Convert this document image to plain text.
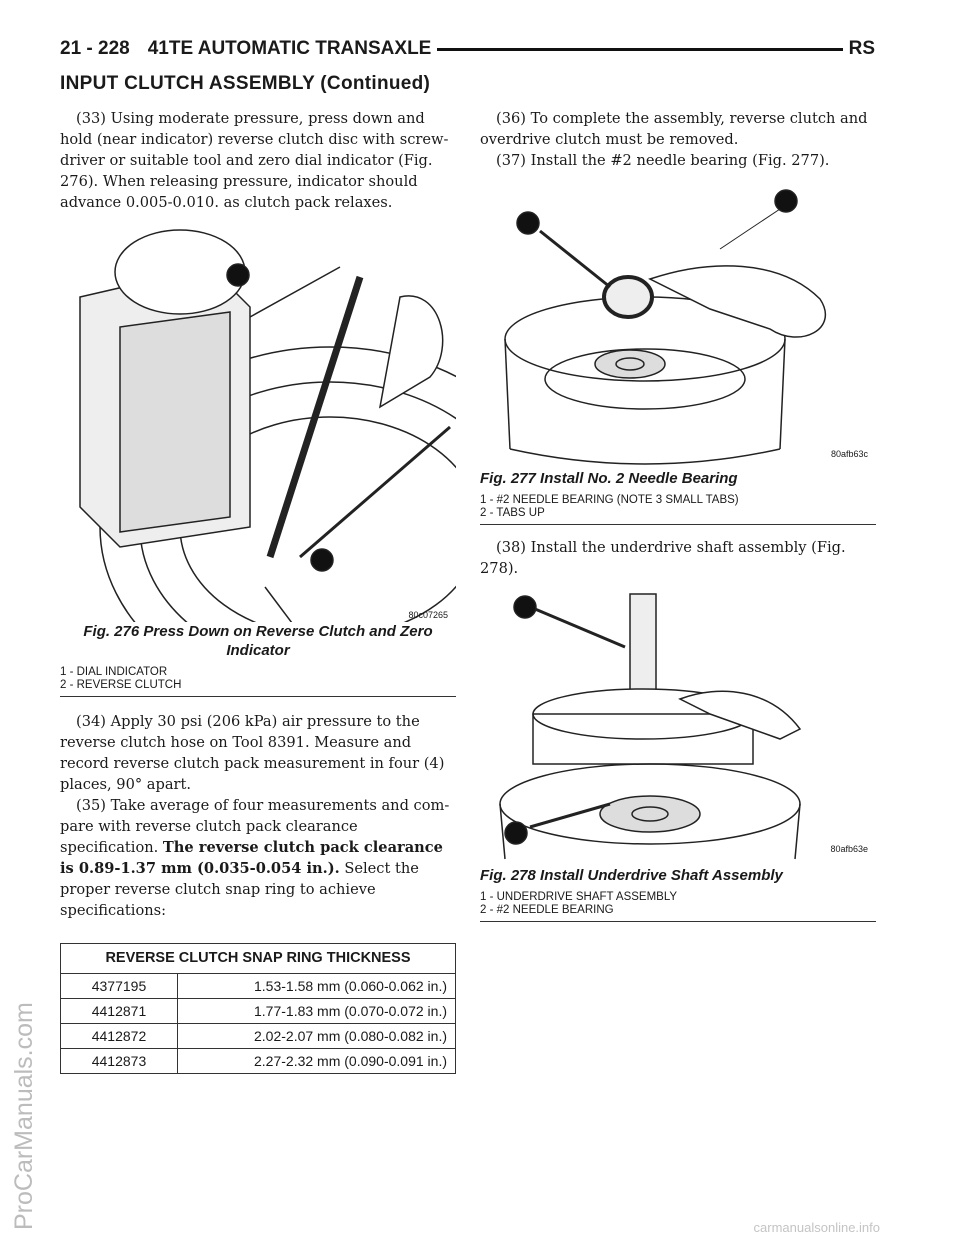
21 - 228 41TE AUTOMATIC TRANSAXLE	RS
INPUT CLUTCH ASSEMBLY (Continued)

(33) Using moderate pressure, press down and hold (near indicator) reverse clutch disc with screw-driver or suitable tool and zero dial indicator (Fig. 276). When releasing pressure, indicator should advance 0.005-0.010. as clutch pack relaxes.

80c07265
Fig. 276 Press Down on Reverse Clutch and Zero Indicator
1 - DIAL INDICATOR
2 - REVERSE CLUTCH

(34) Apply 30 psi (206 kPa) air pressure to the reverse clutch hose on Tool 8391. Measure and record reverse clutch pack measurement in four (4) places, 90° apart.

(35) Take average of four measurements and com-pare with reverse clutch pack clearance specification. The reverse clutch pack clearance is 0.89-1.37 mm (0.035-0.054 in.). Select the proper reverse clutch snap ring to achieve specifications:

REVERSE CLUTCH SNAP RING THICKNESS	
4377195	1.53-1.58 mm (0.060-0.062 in.)
4412871	1.77-1.83 mm (0.070-0.072 in.)
4412872	2.02-2.07 mm (0.080-0.082 in.)
4412873	2.27-2.32 mm (0.090-0.091 in.)

(36) To complete the assembly, reverse clutch and overdrive clutch must be removed.

(37) Install the #2 needle bearing (Fig. 277).

80afb63c
Fig. 277 Install No. 2 Needle Bearing
1 - #2 NEEDLE BEARING (NOTE 3 SMALL TABS)
2 - TABS UP

(38) Install the underdrive shaft assembly (Fig. 278).

80afb63e
Fig. 278 Install Underdrive Shaft Assembly
1 - UNDERDRIVE SHAFT ASSEMBLY
2 - #2 NEEDLE BEARING
ProCarManuals.com	carmanualsonline.info
